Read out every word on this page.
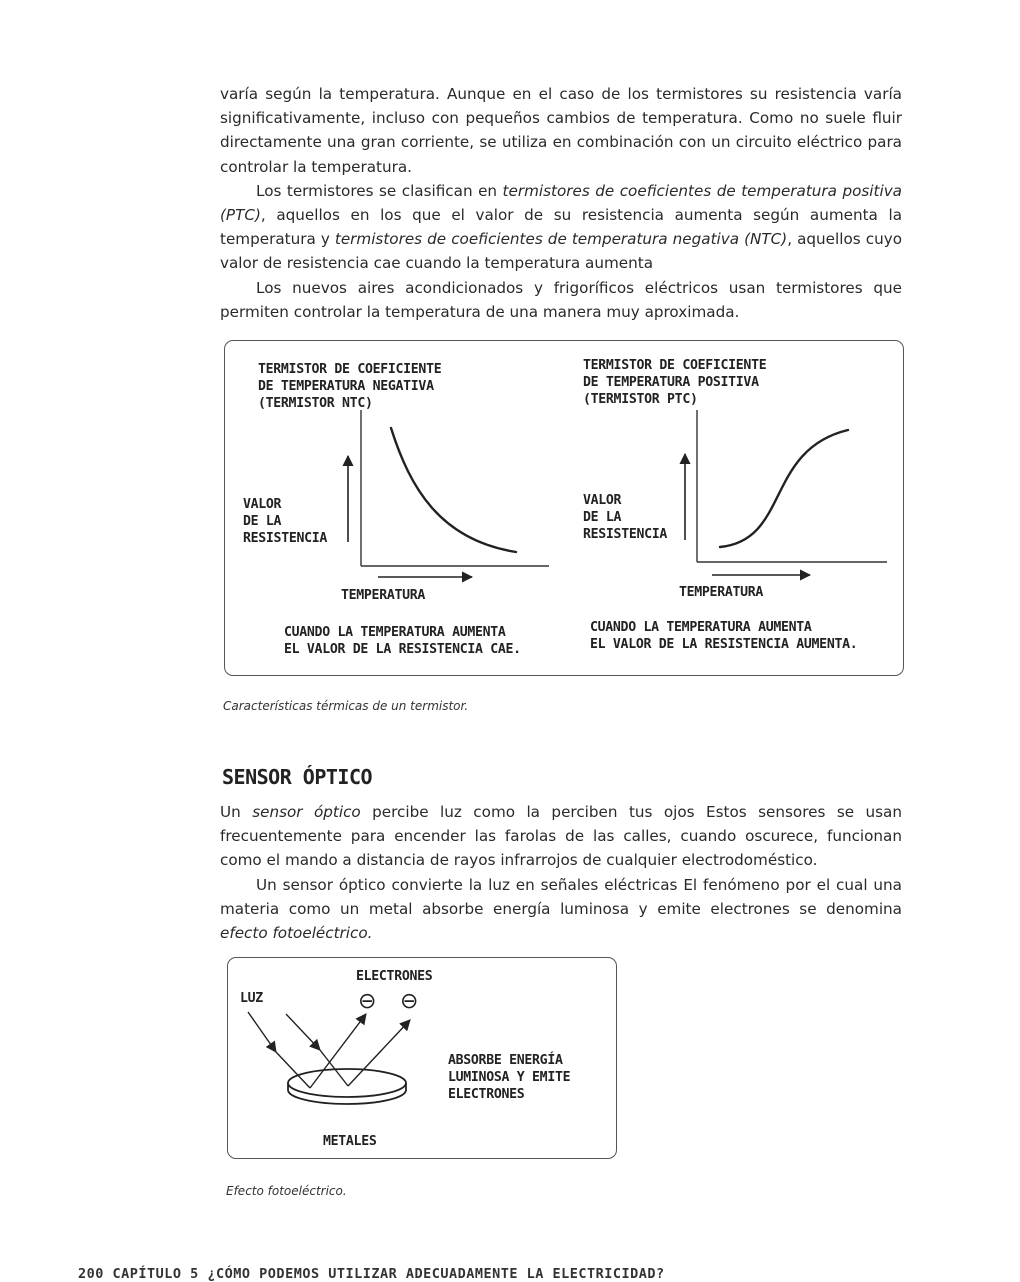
varía según la temperatura. Aunque en el caso de los termistores su resistencia varía significativamente, incluso con pequeños cambios de temperatura. Como no suele fluir directamente una gran corriente, se utiliza en combinación con un circuito eléctrico para controlar la temperatura.

Los termistores se clasifican en termistores de coeficientes de temperatura positiva (PTC), aquellos en los que el valor de su resistencia aumenta según aumenta la temperatura y termistores de coeficientes de temperatura negativa (NTC), aquellos cuyo valor de resistencia cae cuando la temperatura aumenta

Los nuevos aires acondicionados y frigoríficos eléctricos usan termistores que permiten controlar la temperatura de una manera muy aproximada.

TERMISTOR DE COEFICIENTE
DE TEMPERATURA NEGATIVA
(TERMISTOR NTC)
TERMISTOR DE COEFICIENTE
DE TEMPERATURA POSITIVA
(TERMISTOR PTC)
VALOR
DE LA
RESISTENCIA
VALOR
DE LA
RESISTENCIA
TEMPERATURA	TEMPERATURA
CUANDO LA TEMPERATURA AUMENTA
EL VALOR DE LA RESISTENCIA CAE.
CUANDO LA TEMPERATURA AUMENTA
EL VALOR DE LA RESISTENCIA AUMENTA.
Características térmicas de un termistor.
SENSOR ÓPTICO

Un sensor óptico percibe luz como la perciben tus ojos Estos sensores se usan frecuentemente para encender las farolas de las calles, cuando oscurece, funcionan como el mando a distancia de rayos infrarrojos de cualquier electrodoméstico.

Un sensor óptico convierte la luz en señales eléctricas El fenómeno por el cual una materia como un metal absorbe energía luminosa y emite electrones se denomina efecto fotoeléctrico.

LUZ
ELECTRONES
ABSORBE ENERGÍA
LUMINOSA Y EMITE
ELECTRONES
METALES
⊖ ⊖
Efecto fotoeléctrico.
200 CAPÍTULO 5 ¿CÓMO PODEMOS UTILIZAR ADECUADAMENTE LA ELECTRICIDAD?
